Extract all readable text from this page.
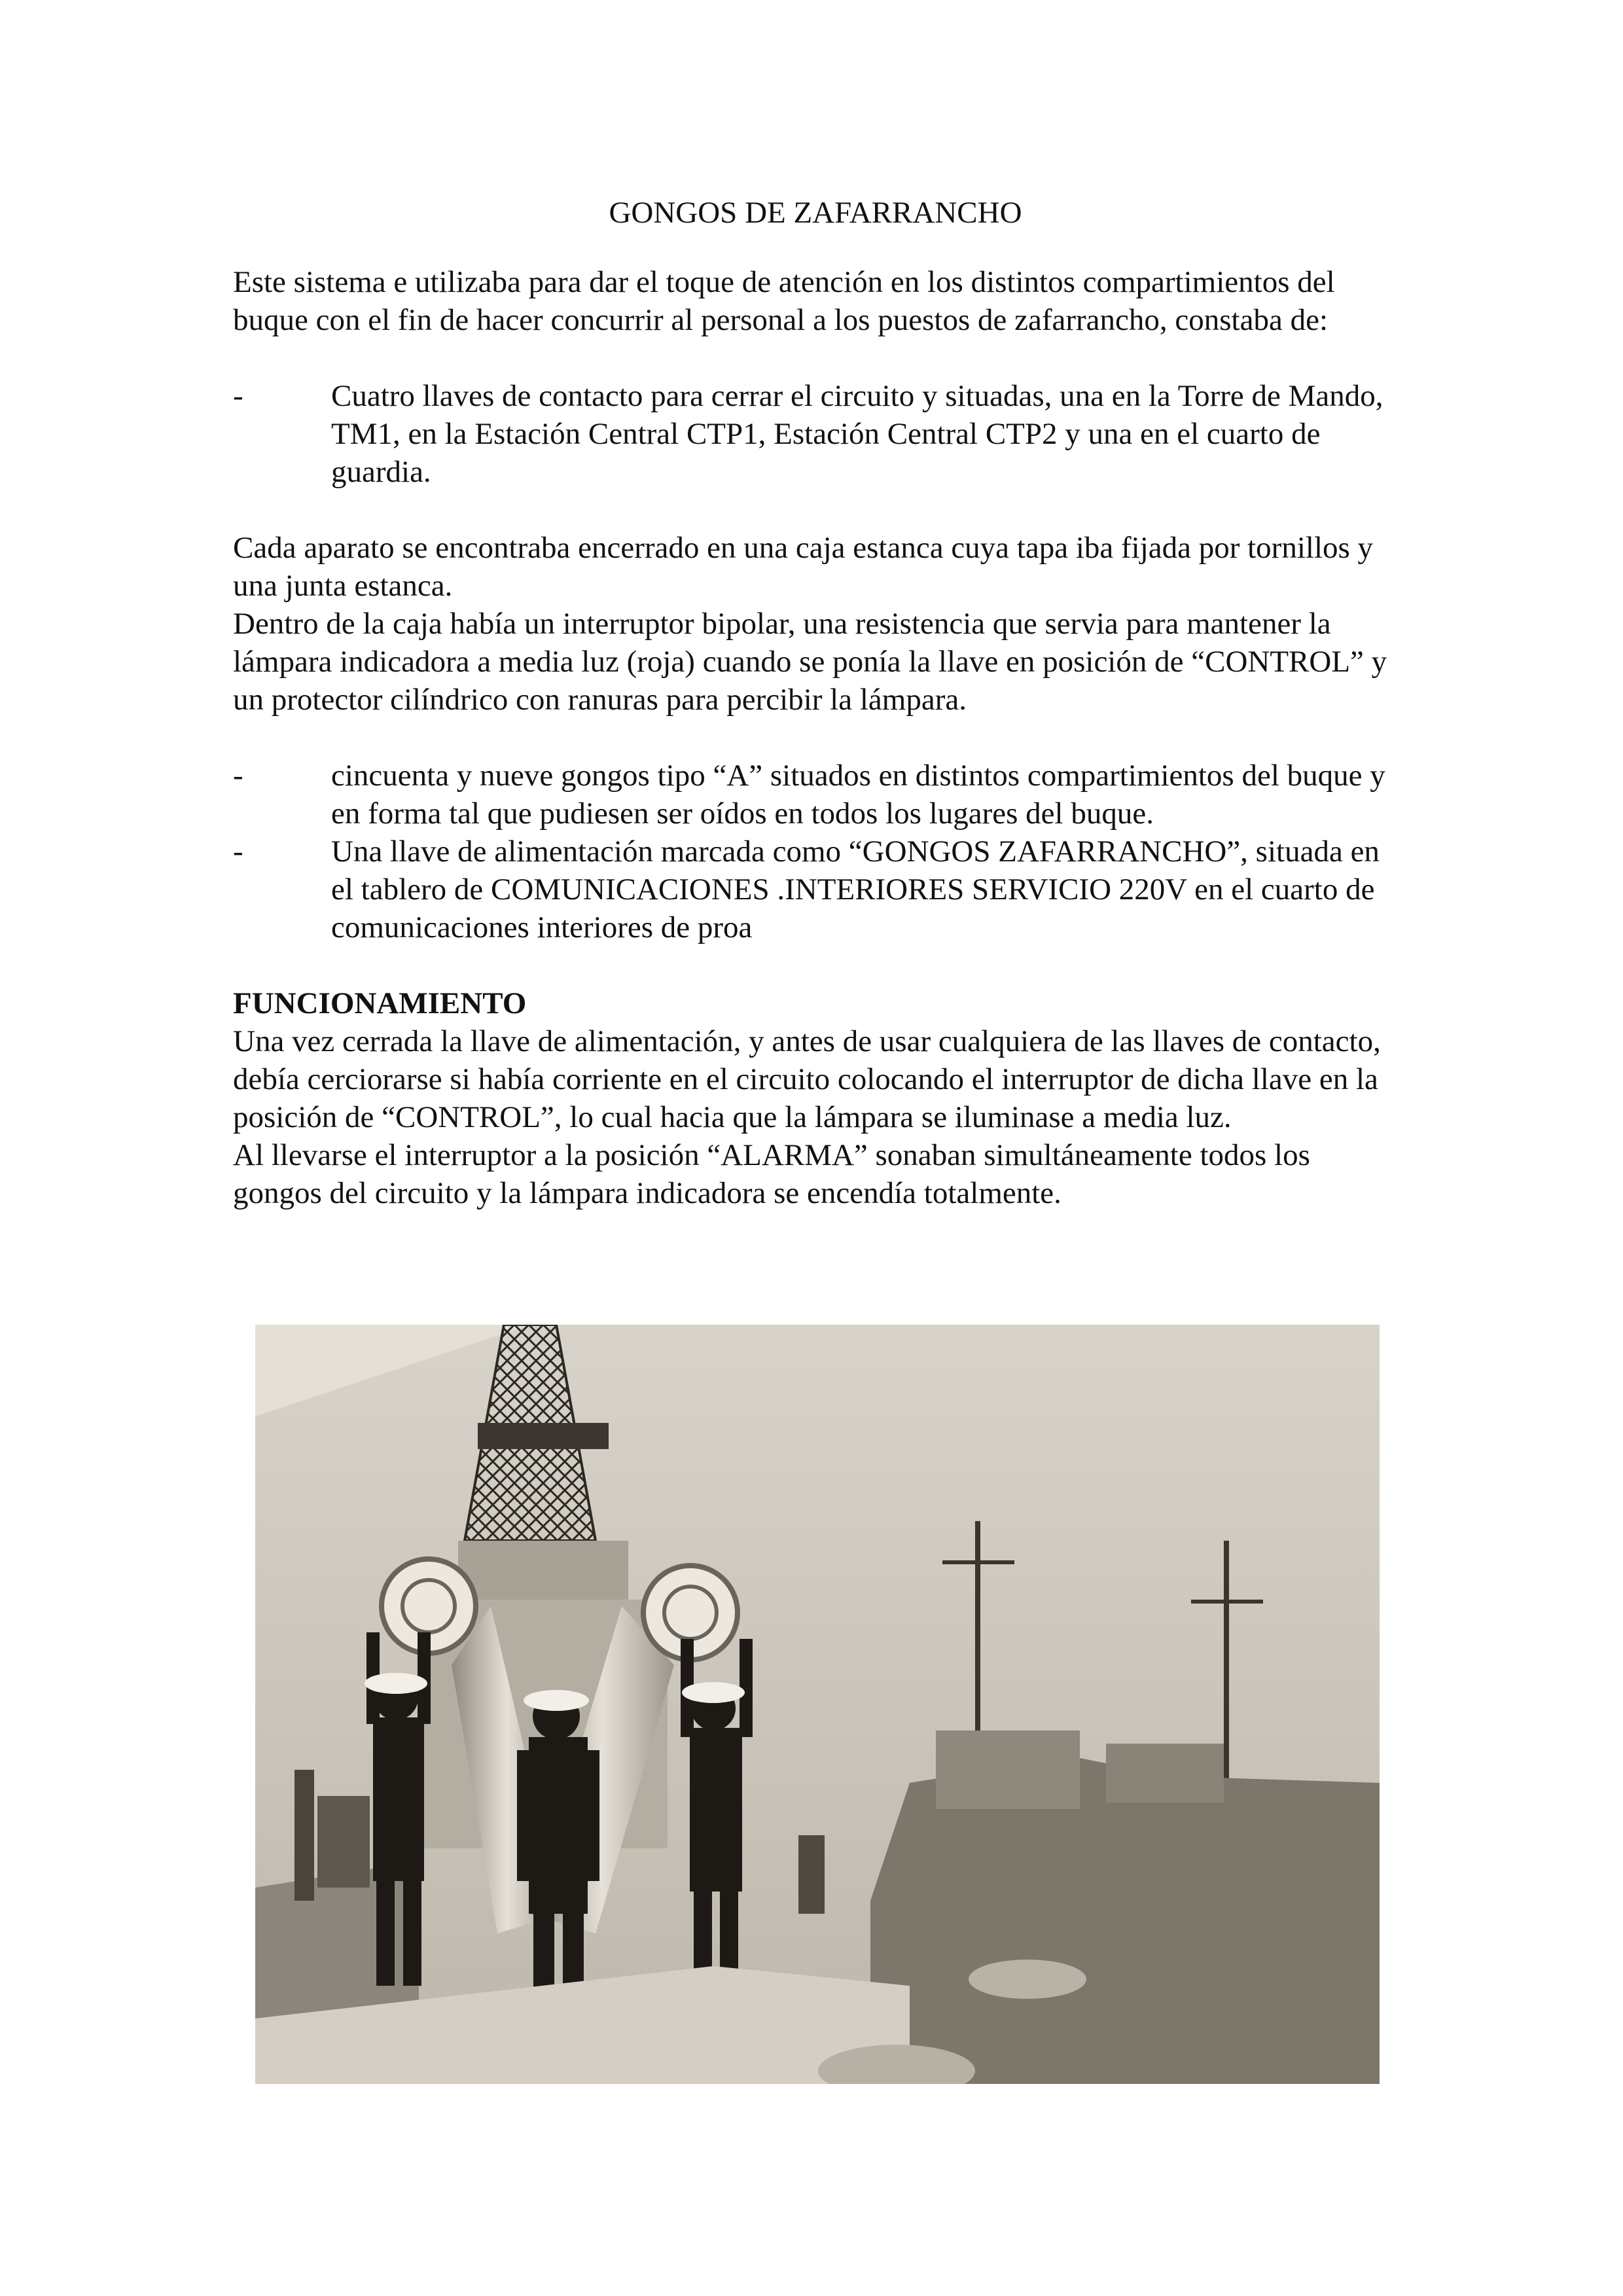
GONGOS DE ZAFARRANCHO

Este sistema e utilizaba para dar el toque de atención en los distintos compartimientos del buque con el fin de hacer concurrir al personal a los puestos de zafarrancho, constaba de:

-	Cuatro llaves de contacto para cerrar el circuito y situadas, una en la Torre de Mando, TM1, en la Estación Central CTP1, Estación Central CTP2 y una en el cuarto de guardia.

Cada aparato se encontraba encerrado en una caja estanca cuya tapa iba fijada por tornillos y una junta estanca.

Dentro de la caja había un interruptor bipolar, una resistencia que servia para mantener la lámpara indicadora a media luz (roja) cuando se ponía la llave en posición de “CONTROL” y un protector cilíndrico con ranuras para percibir la lámpara.

-	cincuenta y nueve gongos tipo “A” situados en distintos compartimientos del buque y en forma tal que pudiesen ser oídos en todos los lugares del buque.
-	Una llave de alimentación marcada como “GONGOS ZAFARRANCHO”, situada en el tablero de COMUNICACIONES .INTERIORES SERVICIO 220V en el cuarto de comunicaciones interiores de proa

FUNCIONAMIENTO

Una vez cerrada la llave de alimentación, y antes de usar cualquiera de las llaves de contacto, debía cerciorarse si había corriente en el circuito colocando el interruptor de dicha llave en la posición de “CONTROL”, lo cual hacia que la lámpara se iluminase a media luz.

Al llevarse el interruptor a la posición “ALARMA” sonaban simultáneamente todos los gongos del circuito y la lámpara indicadora se encendía totalmente.
